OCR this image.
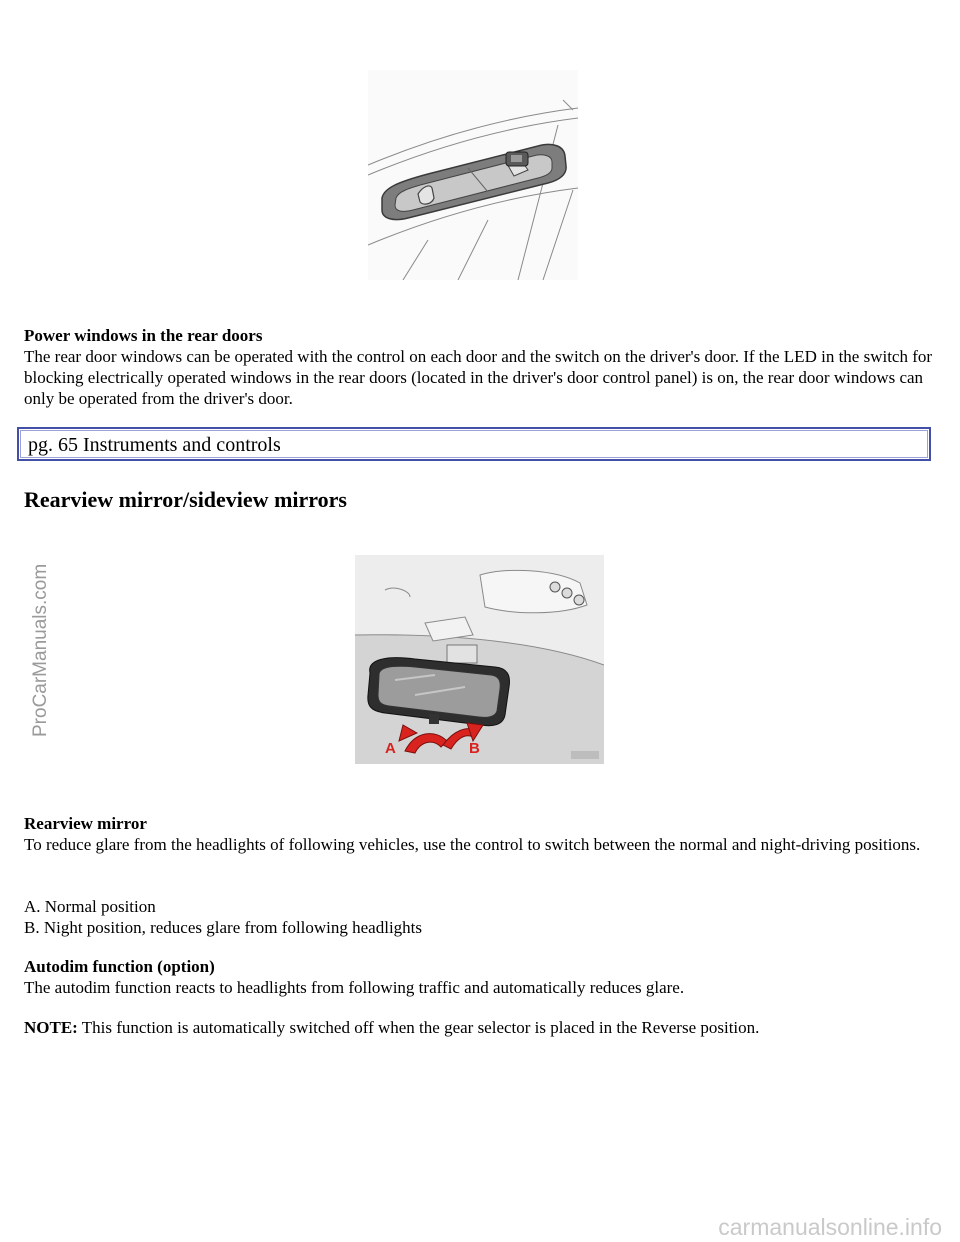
Power windows in the rear doors

The rear door windows can be operated with the control on each door and the switch on the driver's door. If the LED in the switch for blocking electrically operated windows in the rear doors (located in the driver's door control panel) is on, the rear door windows can only be operated from the driver's door.

pg. 65 Instruments and controls
Rearview mirror/sideview mirrors
A	B

Rearview mirror

To reduce glare from the headlights of following vehicles, use the control to switch between the normal and night-driving positions.

A. Normal position

B. Night position, reduces glare from following headlights

Autodim function (option)

The autodim function reacts to headlights from following traffic and automatically reduces glare.

NOTE: This function is automatically switched off when the gear selector is placed in the Reverse position.

ProCarManuals.com
carmanualsonline.info
